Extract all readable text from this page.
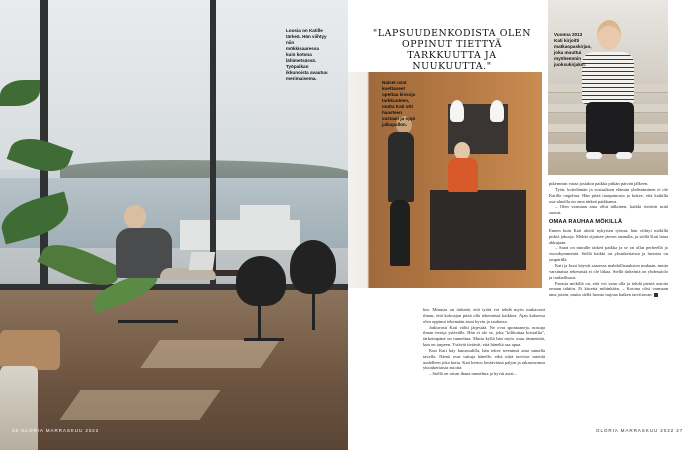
Loosia on Katille tärkeä. Hän viihtyy niin mökkisaaressa kuin kotona lähimetsässä. Työpaikan ikkunoista avautuu merimaisema.
26 GLORIA MARRASKUU 2022
"LAPSUUDENKODISTA OLEN OPPINUT TIETTYÄ TARKKUUTTA JA NUUKUUTTA."
Naiset ovat koettaneet opettaa kissoja tarkkuuteen, mutta Kati otti haasteen vastaan ja oppi jalkapallon.
Vuonna 2013 Kati kirjoitti matkaopaskirjan, joka muuttui myöhemmin juoksukirjaksi.

kin. Minusta on tärkeää, että työtä voi tehdä myös mukavasti ilman, että kokoajan pitää olla tekemässä kaikkea. Ajan kuluessa olen oppinut tekemään asiat hyvin ja rauhassa.

Jatkuvasti Kati vältti järjestää. Ne ovat spontaaneja, nostaja ilman tietoja ystävälle. Hän ei ole se, joka "kilikuttaa kristallia", tärkeimpänä on tunnelma. Mutta kyllä hän myös osaa täsmentää, kun on tarpeen. Ystävät tietävät, että häneltä saa apua.

Kun Kati käy kuntosalilla, hän tekee treeninsä aina samalla tavalla. Nämä ovat tuttuja hänelle, eikä niitä tarvitse miettiä uudelleen joka kerta. Kati kertoo kestävänsä paljon ja rakastavansa yksinkertaisia asioita.

– Siellä on aivan ihana tunnelma ja hyvät asiat...

pikemmin varaa jostakin paikka pitkän päivän jälkeen.

Työn, kotielämän ja sosiaalisen elämän yhdistäminen ei ole Katille ongelma. Hän pitää tasapainosta ja kokee, että kaikilla osa-alueilla on oma tärkeä paikkansa.

– Olen varmaan aina ollut tällainen, kaikki tietävät mitä saavat.

OMAA RAUHAA MÖKILLÄ

Ennen kuin Kati aloitti nykyisen työnsä, hän viihtyi mökillä pitkiä jaksoja. Mökki sijaitsee järven rannalla, ja siellä Kati lataa akkujaan.

– Saari on minulle tärkeä paikka ja se on ollut perheellä jo vuosikymmeniä. Siellä kaikki on yksinkertaista ja luontoa on ympärillä.

Kati ja Jussi käyvät saaressa mahdollisuuksien mukaan, mutta varsinaista tekemistä ei ole liikaa. Siellä tärkeintä on yhdessäolo ja rauhallisuus.

Parasta mökillä on, että voi vaan olla ja tehdä pieniä asioita omaan tahtiin. Ei kiirettä mihinkään. – Kotona olisi varmaan aina jotain, mutta siellä luonto tarjoaa kaiken tarvittavan.

GLORIA MARRASKUU 2022 27
